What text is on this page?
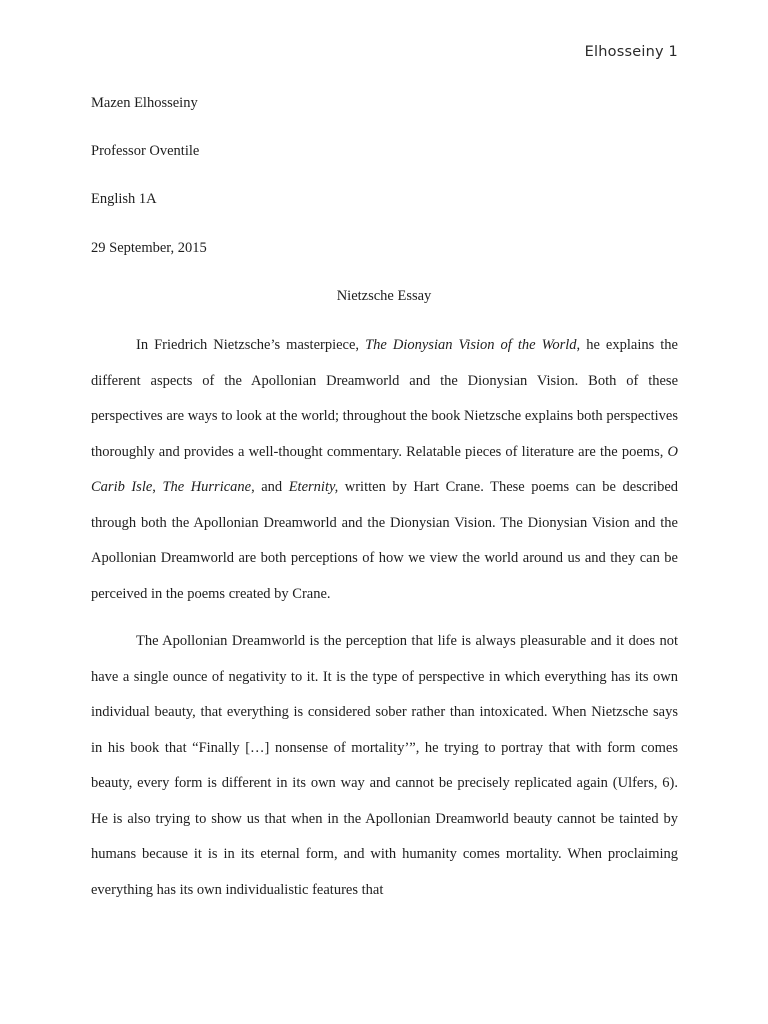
Elhosseiny 1
Mazen Elhosseiny
Professor Oventile
English 1A
29 September, 2015
Nietzsche Essay

In Friedrich Nietzsche’s masterpiece, The Dionysian Vision of the World, he explains the different aspects of the Apollonian Dreamworld and the Dionysian Vision. Both of these perspectives are ways to look at the world; throughout the book Nietzsche explains both perspectives thoroughly and provides a well-thought commentary. Relatable pieces of literature are the poems, O Carib Isle, The Hurricane, and Eternity, written by Hart Crane. These poems can be described through both the Apollonian Dreamworld and the Dionysian Vision. The Dionysian Vision and the Apollonian Dreamworld are both perceptions of how we view the world around us and they can be perceived in the poems created by Crane.

The Apollonian Dreamworld is the perception that life is always pleasurable and it does not have a single ounce of negativity to it. It is the type of perspective in which everything has its own individual beauty, that everything is considered sober rather than intoxicated. When Nietzsche says in his book that “Finally […] nonsense of mortality’”, he trying to portray that with form comes beauty, every form is different in its own way and cannot be precisely replicated again (Ulfers, 6). He is also trying to show us that when in the Apollonian Dreamworld beauty cannot be tainted by humans because it is in its eternal form, and with humanity comes mortality. When proclaiming everything has its own individualistic features that
